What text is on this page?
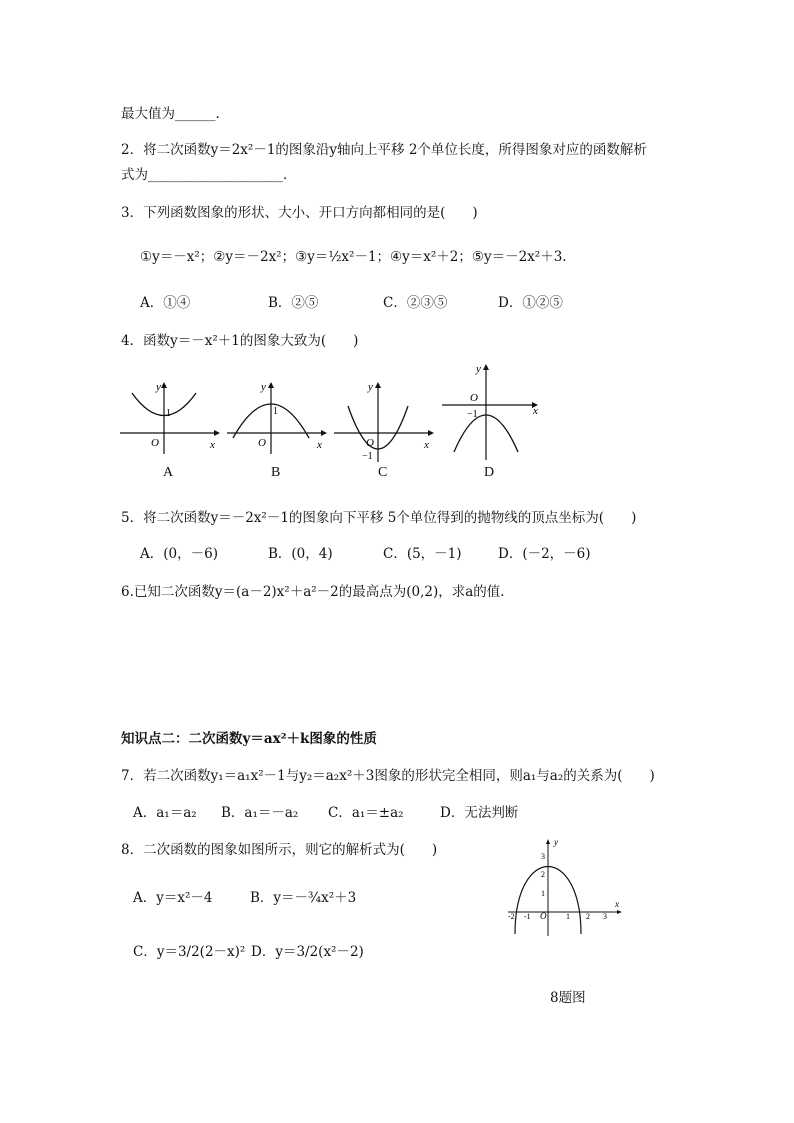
最大值为______.
2．将二次函数y＝2x²－1的图象沿y轴向上平移 2个单位长度，所得图象对应的函数解析
式为____________________．
3．下列函数图象的形状、大小、开口方向都相同的是(　　)
①y＝－x²；②y＝－2x²；③y＝½x²－1；④y＝x²＋2；⑤y＝－2x²＋3.
A．①④	B．②⑤	C．②③⑤	D．①②⑤
4．函数y＝－x²＋1的图象大致为(　　)
y
x
O
1
y
x
O
1
y
x
O
−1
y
x
O
−1
A	B	C	D
5．将二次函数y＝－2x²－1的图象向下平移 5个单位得到的抛物线的顶点坐标为(　　)
A．(0，－6)	B．(0，4)	C．(5，－1)	D．(－2，－6)
6.已知二次函数y＝(a－2)x²＋a²－2的最高点为(0,2)，求a的值．
知识点二：二次函数y＝ax²＋k图象的性质
7．若二次函数y₁＝a₁x²－1与y₂＝a₂x²＋3图象的形状完全相同，则a₁与a₂的关系为(　　)
A．a₁＝a₂ B．a₁＝－a₂ C．a₁＝±a₂	D．无法判断
8．二次函数的图象如图所示，则它的解析式为(　　)
A．y＝x²－4	B．y＝－¾x²＋3
C．y＝3/2(2－x)² D．y＝3/2(x²－2)
y
x
O
-2 -1	1 2 3
1
2
3
8题图
